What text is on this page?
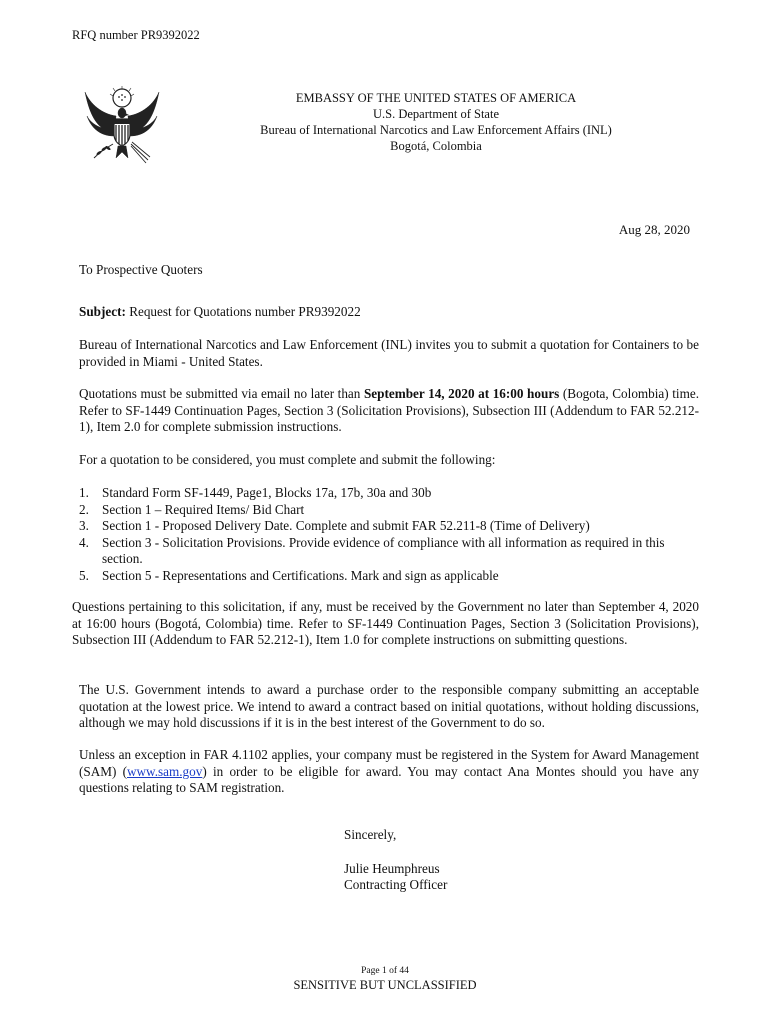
RFQ number PR9392022
EMBASSY OF THE UNITED STATES OF AMERICA
U.S. Department of State
Bureau of International Narcotics and Law Enforcement Affairs (INL)
Bogotá, Colombia
Aug 28, 2020
To Prospective Quoters
Subject: Request for Quotations number PR9392022
Bureau of International Narcotics and Law Enforcement (INL) invites you to submit a quotation for Containers to be provided in Miami - United States.
Quotations must be submitted via email no later than September 14, 2020 at 16:00 hours (Bogota, Colombia) time. Refer to SF-1449 Continuation Pages, Section 3 (Solicitation Provisions), Subsection III (Addendum to FAR 52.212-1), Item 2.0 for complete submission instructions.
For a quotation to be considered, you must complete and submit the following:
1. Standard Form SF-1449, Page1, Blocks 17a, 17b, 30a and 30b
2. Section 1 – Required Items/ Bid Chart
3. Section 1 - Proposed Delivery Date. Complete and submit FAR 52.211-8 (Time of Delivery)
4. Section 3 - Solicitation Provisions. Provide evidence of compliance with all information as required in this section.
5. Section 5 - Representations and Certifications. Mark and sign as applicable
Questions pertaining to this solicitation, if any, must be received by the Government no later than September 4, 2020 at 16:00 hours (Bogotá, Colombia) time. Refer to SF-1449 Continuation Pages, Section 3 (Solicitation Provisions), Subsection III (Addendum to FAR 52.212-1), Item 1.0 for complete instructions on submitting questions.
The U.S. Government intends to award a purchase order to the responsible company submitting an acceptable quotation at the lowest price. We intend to award a contract based on initial quotations, without holding discussions, although we may hold discussions if it is in the best interest of the Government to do so.
Unless an exception in FAR 4.1102 applies, your company must be registered in the System for Award Management (SAM) (www.sam.gov) in order to be eligible for award. You may contact Ana Montes should you have any questions relating to SAM registration.
Sincerely,
Julie Heumphreus
Contracting Officer
Page 1 of 44
SENSITIVE BUT UNCLASSIFIED
